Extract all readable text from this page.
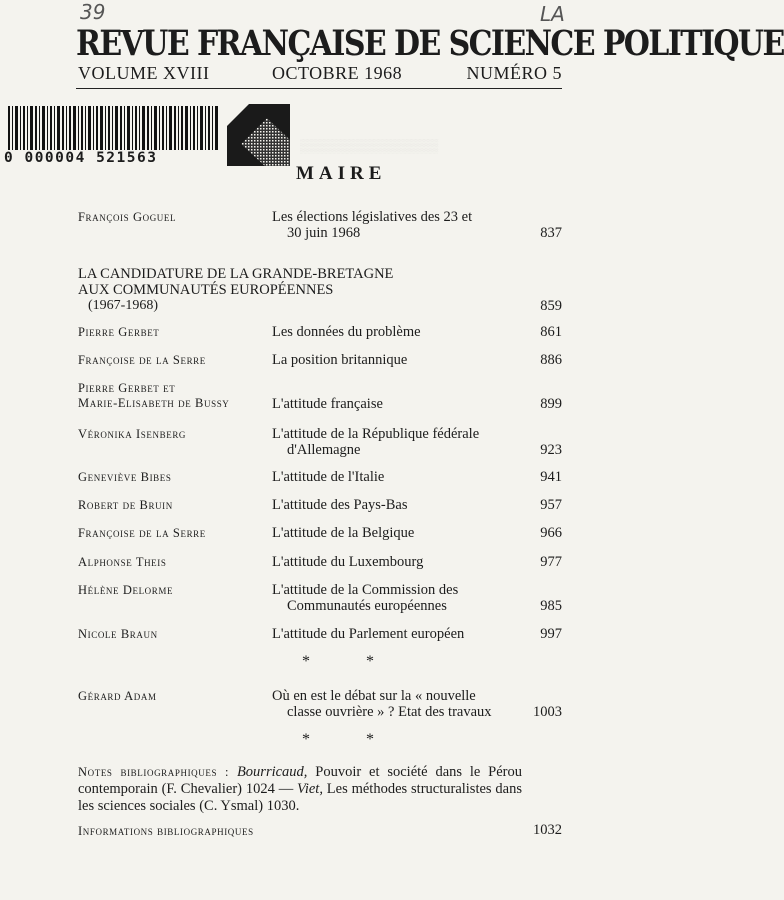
39	LA
REVUE FRANÇAISE DE SCIENCE POLITIQUE
VOLUME XVIII	OCTOBRE 1968	NUMÉRO 5
▒▒▒▒▒▒▒▒▒▒▒▒▒▒▒
0 000004 521563
MAIRE
François Goguel	Les élections législatives des 23 et
30 juin 1968	837
LA CANDIDATURE DE LA GRANDE-BRETAGNE
AUX COMMUNAUTÉS EUROPÉENNES
(1967-1968)	859
Pierre Gerbet	Les données du problème	861
Françoise de la Serre	La position britannique	886
Pierre Gerbet et
Marie-Elisabeth de Bussy	L'attitude française	899
Véronika Isenberg	L'attitude de la République fédérale
d'Allemagne	923
Geneviève Bibes	L'attitude de l'Italie	941
Robert de Bruin	L'attitude des Pays-Bas	957
Françoise de la Serre	L'attitude de la Belgique	966
Alphonse Theis	L'attitude du Luxembourg	977
Hélène Delorme	L'attitude de la Commission des
Communautés européennes	985
Nicole Braun	L'attitude du Parlement européen	997
* *
Gérard Adam	Où en est le débat sur la « nouvelle
classe ouvrière » ? Etat des travaux	1003
* *
Notes bibliographiques : Bourricaud, Pouvoir et société dans le Pérou contemporain (F. Chevalier) 1024 — Viet, Les méthodes structuralistes dans les sciences sociales (C. Ysmal) 1030.
Informations bibliographiques	1032
